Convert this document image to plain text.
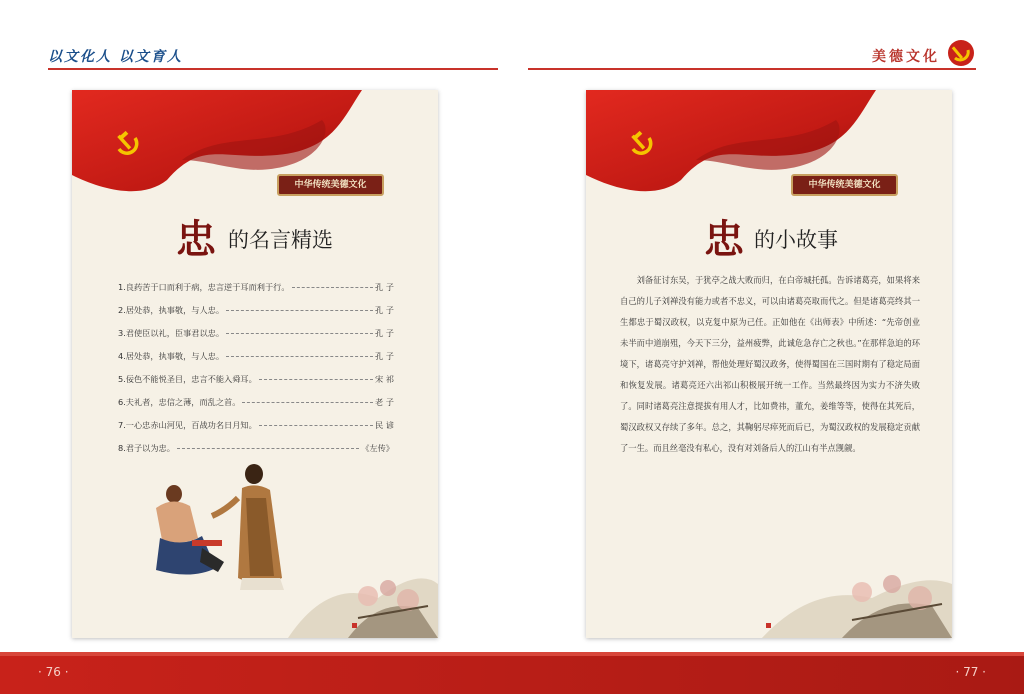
以文化人 以文育人	美德文化
中华传统美德文化
忠 的名言精选
1.良药苦于口而利于病，忠言逆于耳而利于行。	孔 子
2.居处恭，执事敬，与人忠。	孔 子
3.君使臣以礼，臣事君以忠。	孔 子
4.居处恭，执事敬，与人忠。	孔 子
5.佞色不能悦圣目，忠言不能入舜耳。	宋 祁
6.夫礼者，忠信之薄，而乱之首。	老 子
7.一心忠赤山河见，百战功名日月知。	民 谚
8.君子以为忠。	《左传》
中华传统美德文化
忠 的小故事
刘备征讨东吴，于犹亭之战大败而归，在白帝城托孤。告诉诸葛亮，如果将来自己的儿子刘禅没有能力或者不忠义，可以由诸葛亮取而代之。但是诸葛亮终其一生都忠于蜀汉政权，以克复中原为己任。正如他在《出师表》中所述：“先帝创业未半而中道崩殂，今天下三分，益州疲弊，此诚危急存亡之秋也。”在那样急迫的环境下，诸葛亮守护刘禅，帮他处理好蜀汉政务，使得蜀国在三国时期有了稳定局面和恢复发展。诸葛亮还六出祁山积极展开统一工作。当然最终因为实力不济失败了。同时诸葛亮注意提拔有用人才，比如费祎，董允，姜维等等，使得在其死后，蜀汉政权又存续了多年。总之，其鞠躬尽瘁死而后已，为蜀汉政权的发展稳定贡献了一生。而且丝毫没有私心，没有对刘备后人的江山有半点觊觎。
· 76 ·	· 77 ·
